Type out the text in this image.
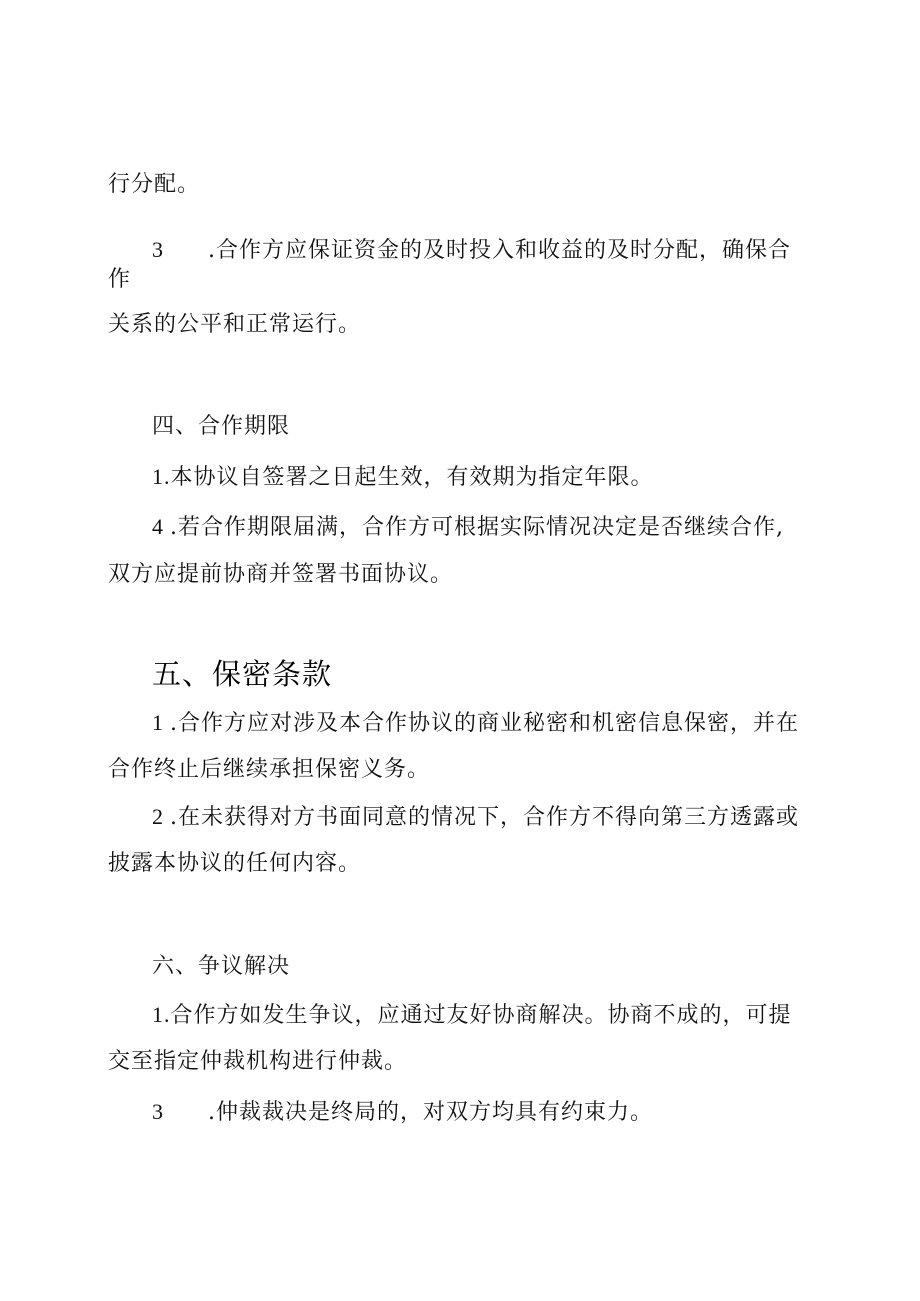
行分配。
3 .合作方应保证资金的及时投入和收益的及时分配，确保合
作
关系的公平和正常运行。
四、合作期限
1.本协议自签署之日起生效，有效期为指定年限。
4 .若合作期限届满，合作方可根据实际情况决定是否继续合作,
双方应提前协商并签署书面协议。
五、保密条款
1 .合作方应对涉及本合作协议的商业秘密和机密信息保密，并在
合作终止后继续承担保密义务。
2 .在未获得对方书面同意的情况下，合作方不得向第三方透露或
披露本协议的任何内容。
六、争议解决
1.合作方如发生争议，应通过友好协商解决。协商不成的，可提
交至指定仲裁机构进行仲裁。
3 .仲裁裁决是终局的，对双方均具有约束力。
